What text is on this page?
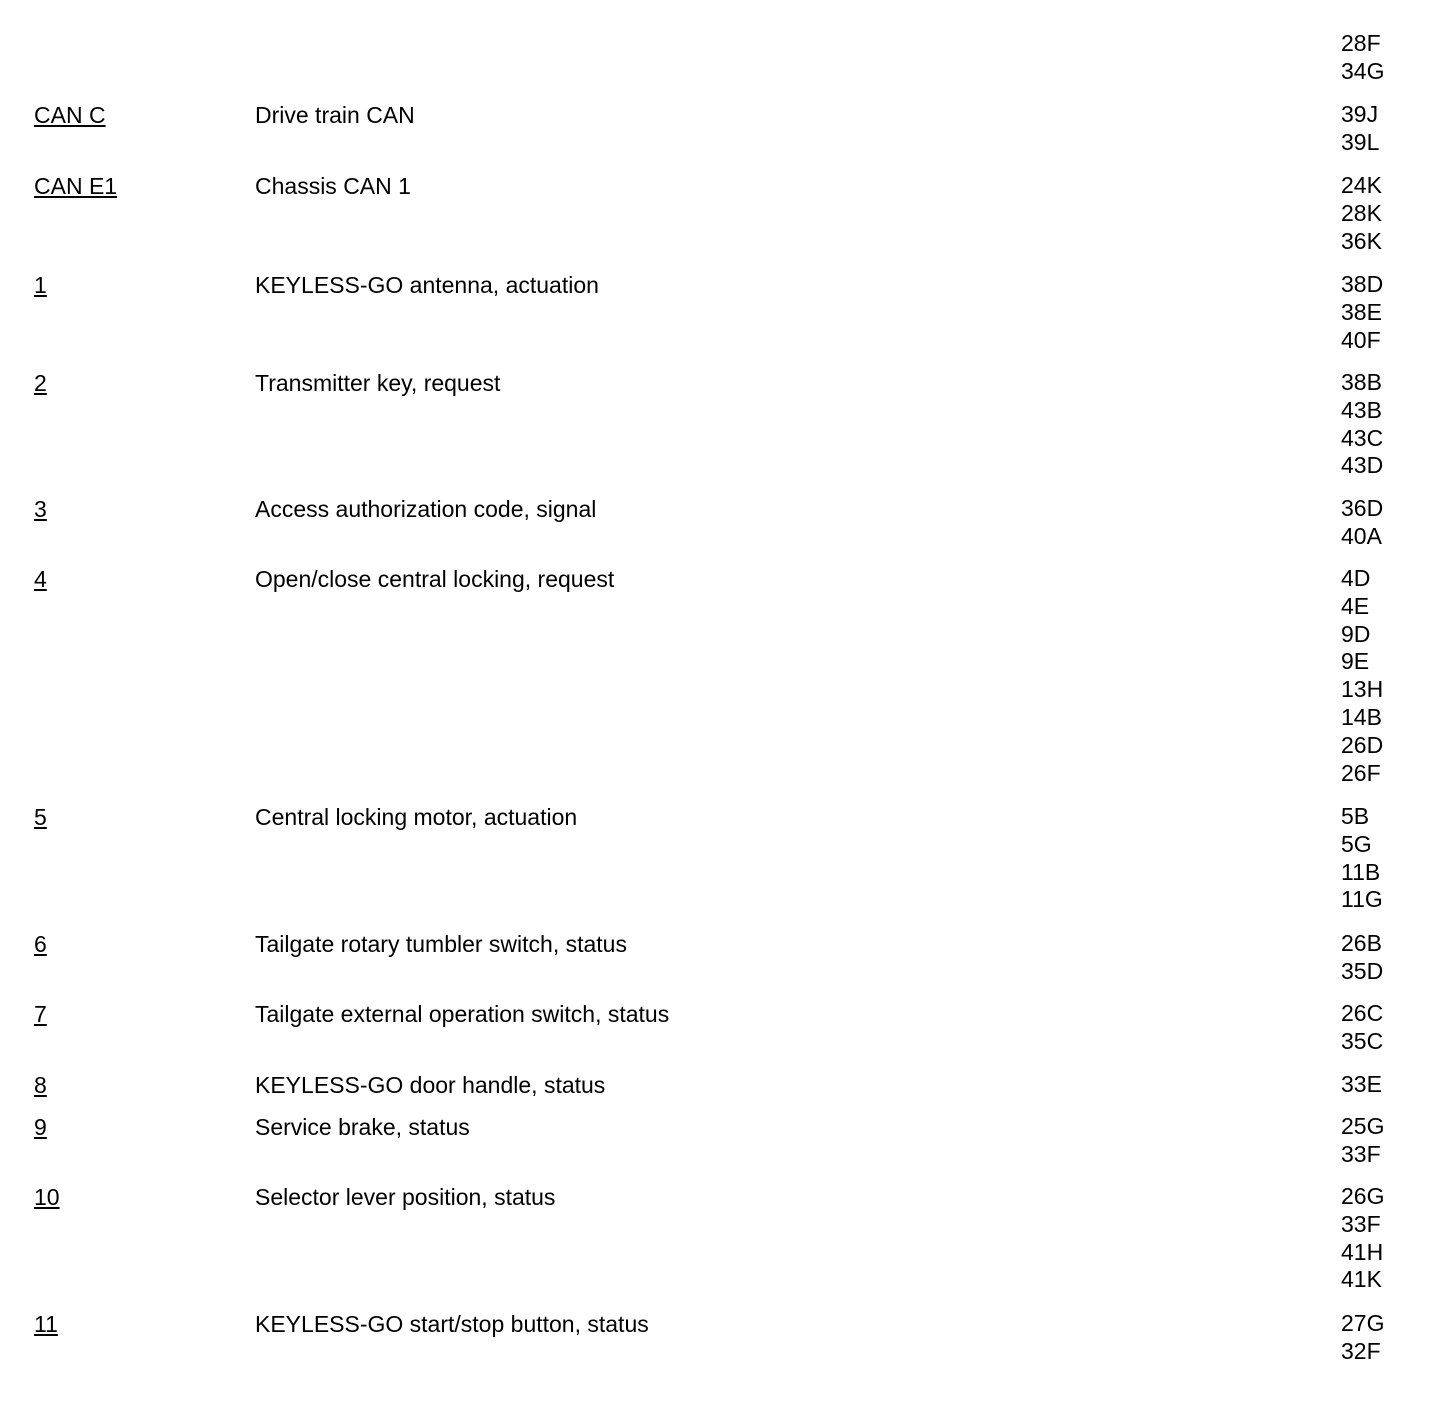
28F
34G
CAN C	Drive train CAN	39J
39L
CAN E1	Chassis CAN 1	24K
28K
36K
1	KEYLESS-GO antenna, actuation	38D
38E
40F
2	Transmitter key, request	38B
43B
43C
43D
3	Access authorization code, signal	36D
40A
4	Open/close central locking, request	4D
4E
9D
9E
13H
14B
26D
26F
5	Central locking motor, actuation	5B
5G
11B
11G
6	Tailgate rotary tumbler switch, status	26B
35D
7	Tailgate external operation switch, status	26C
35C
8	KEYLESS-GO door handle, status	33E
9	Service brake, status	25G
33F
10	Selector lever position, status	26G
33F
41H
41K
11	KEYLESS-GO start/stop button, status	27G
32F
